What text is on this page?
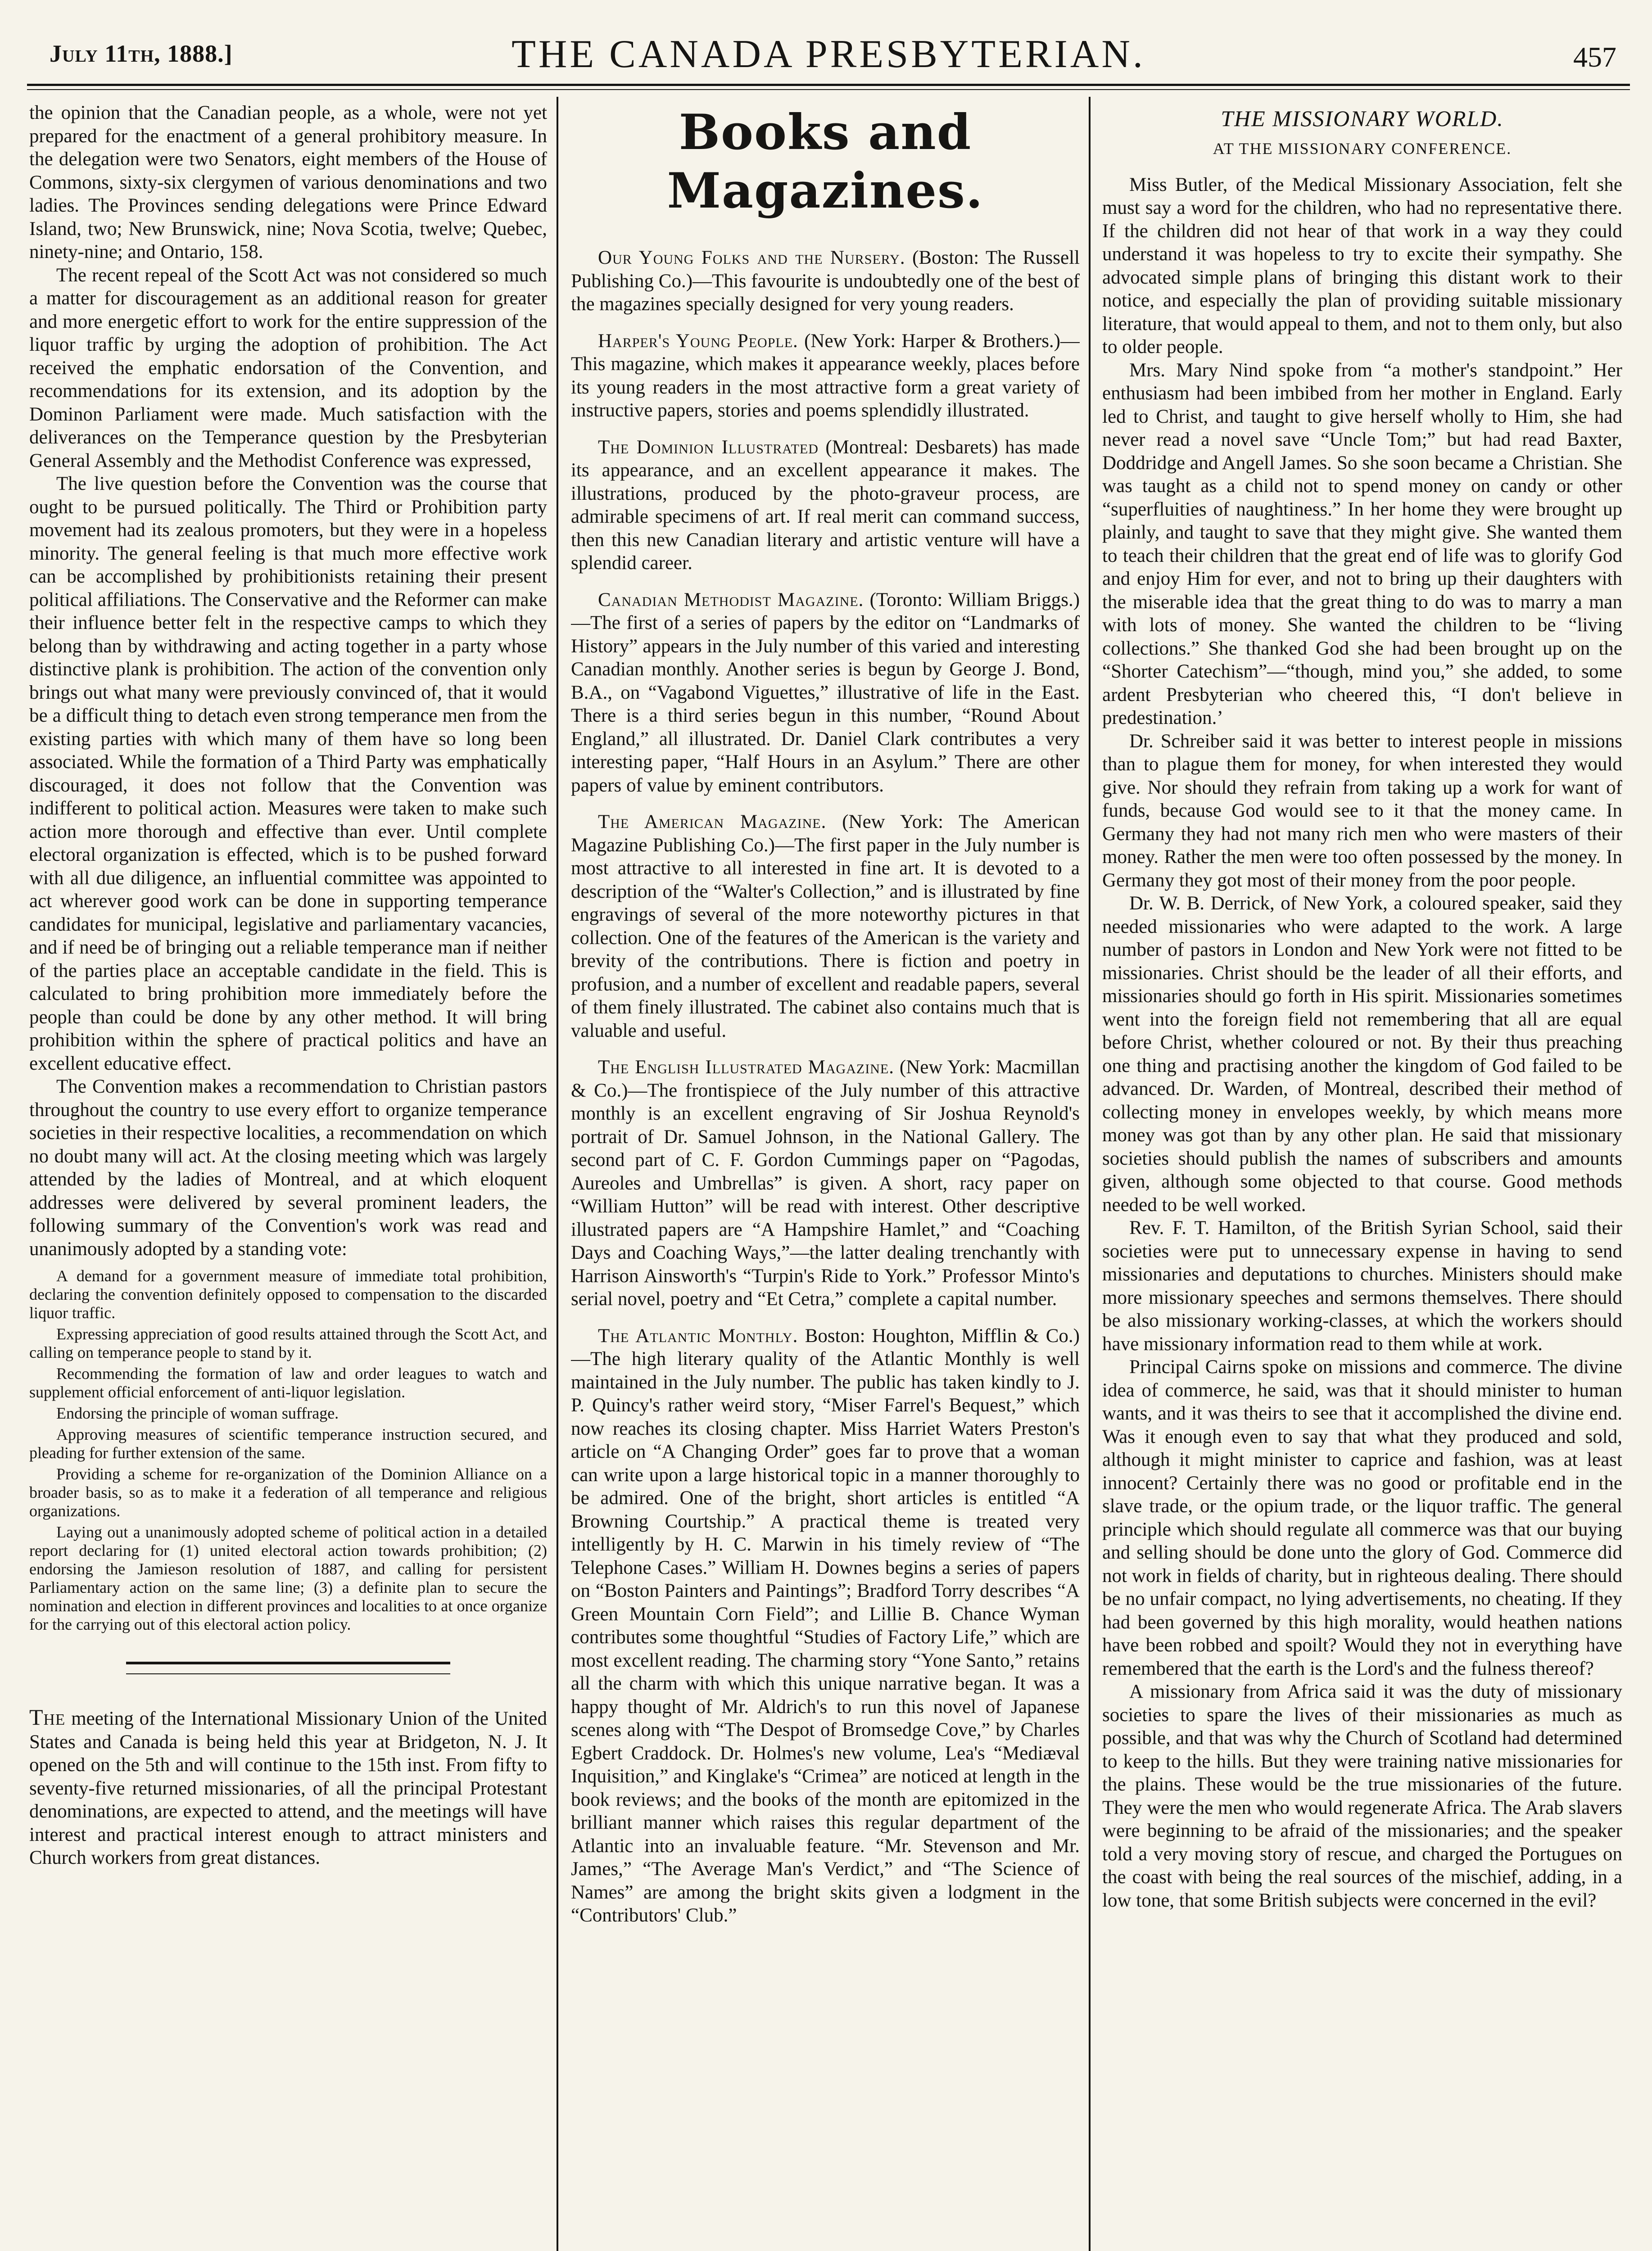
July 11th, 1888.]	THE CANADA PRESBYTERIAN.	457

the opinion that the Canadian people, as a whole, were not yet prepared for the enactment of a general prohibitory measure. In the delegation were two Senators, eight members of the House of Commons, sixty-six clergymen of various denominations and two ladies. The Provinces sending delegations were Prince Edward Island, two; New Brunswick, nine; Nova Scotia, twelve; Quebec, ninety-nine; and Ontario, 158.

The recent repeal of the Scott Act was not considered so much a matter for discouragement as an additional reason for greater and more energetic effort to work for the entire suppression of the liquor traffic by urging the adoption of prohibition. The Act received the emphatic endorsation of the Convention, and recommendations for its extension, and its adoption by the Dominon Parliament were made. Much satisfaction with the deliverances on the Temperance question by the Presbyterian General Assembly and the Methodist Conference was expressed,

The live question before the Convention was the course that ought to be pursued politically. The Third or Prohibition party movement had its zealous promoters, but they were in a hopeless minority. The general feeling is that much more effective work can be accomplished by prohibitionists retaining their present political affiliations. The Conservative and the Reformer can make their influence better felt in the respective camps to which they belong than by withdrawing and acting together in a party whose distinctive plank is prohibition. The action of the convention only brings out what many were previously convinced of, that it would be a difficult thing to detach even strong temperance men from the existing parties with which many of them have so long been associated. While the formation of a Third Party was emphatically discouraged, it does not follow that the Convention was indifferent to political action. Measures were taken to make such action more thorough and effective than ever. Until complete electoral organization is effected, which is to be pushed forward with all due diligence, an influential committee was appointed to act wherever good work can be done in supporting temperance candidates for municipal, legislative and parliamentary vacancies, and if need be of bringing out a reliable temperance man if neither of the parties place an acceptable candidate in the field. This is calculated to bring prohibition more immediately before the people than could be done by any other method. It will bring prohibition within the sphere of practical politics and have an excellent educative effect.

The Convention makes a recommendation to Christian pastors throughout the country to use every effort to organize temperance societies in their respective localities, a recommendation on which no doubt many will act. At the closing meeting which was largely attended by the ladies of Montreal, and at which eloquent addresses were delivered by several prominent leaders, the following summary of the Convention's work was read and unanimously adopted by a standing vote:

A demand for a government measure of immediate total prohibition, declaring the convention definitely opposed to compensation to the discarded liquor traffic.

Expressing appreciation of good results attained through the Scott Act, and calling on temperance people to stand by it.

Recommending the formation of law and order leagues to watch and supplement official enforcement of anti-liquor legislation.

Endorsing the principle of woman suffrage.

Approving measures of scientific temperance instruction secured, and pleading for further extension of the same.

Providing a scheme for re-organization of the Dominion Alliance on a broader basis, so as to make it a federation of all temperance and religious organizations.

Laying out a unanimously adopted scheme of political action in a detailed report declaring for (1) united electoral action towards prohibition; (2) endorsing the Jamieson resolution of 1887, and calling for persistent Parliamentary action on the same line; (3) a definite plan to secure the nomination and election in different provinces and localities to at once organize for the carrying out of this electoral action policy.

The meeting of the International Missionary Union of the United States and Canada is being held this year at Bridgeton, N. J. It opened on the 5th and will continue to the 15th inst. From fifty to seventy-five returned missionaries, of all the principal Protestant denominations, are expected to attend, and the meetings will have interest and practical interest enough to attract ministers and Church workers from great distances.

Books and Magazines.

Our Young Folks and the Nursery. (Boston: The Russell Publishing Co.)—This favourite is undoubtedly one of the best of the magazines specially designed for very young readers.

Harper's Young People. (New York: Harper & Brothers.)—This magazine, which makes it appearance weekly, places before its young readers in the most attractive form a great variety of instructive papers, stories and poems splendidly illustrated.

The Dominion Illustrated (Montreal: Desbarets) has made its appearance, and an excellent appearance it makes. The illustrations, produced by the photo-graveur process, are admirable specimens of art. If real merit can command success, then this new Canadian literary and artistic venture will have a splendid career.

Canadian Methodist Magazine. (Toronto: William Briggs.)—The first of a series of papers by the editor on “Landmarks of History” appears in the July number of this varied and interesting Canadian monthly. Another series is begun by George J. Bond, B.A., on “Vagabond Viguettes,” illustrative of life in the East. There is a third series begun in this number, “Round About England,” all illustrated. Dr. Daniel Clark contributes a very interesting paper, “Half Hours in an Asylum.” There are other papers of value by eminent contributors.

The American Magazine. (New York: The American Magazine Publishing Co.)—The first paper in the July number is most attractive to all interested in fine art. It is devoted to a description of the “Walter's Collection,” and is illustrated by fine engravings of several of the more noteworthy pictures in that collection. One of the features of the American is the variety and brevity of the contributions. There is fiction and poetry in profusion, and a number of excellent and readable papers, several of them finely illustrated. The cabinet also contains much that is valuable and useful.

The English Illustrated Magazine. (New York: Macmillan & Co.)—The frontispiece of the July number of this attractive monthly is an excellent engraving of Sir Joshua Reynold's portrait of Dr. Samuel Johnson, in the National Gallery. The second part of C. F. Gordon Cummings paper on “Pagodas, Aureoles and Umbrellas” is given. A short, racy paper on “William Hutton” will be read with interest. Other descriptive illustrated papers are “A Hampshire Hamlet,” and “Coaching Days and Coaching Ways,”—the latter dealing trenchantly with Harrison Ainsworth's “Turpin's Ride to York.” Professor Minto's serial novel, poetry and “Et Cetra,” complete a capital number.

The Atlantic Monthly. Boston: Houghton, Mifflin & Co.)—The high literary quality of the Atlantic Monthly is well maintained in the July number. The public has taken kindly to J. P. Quincy's rather weird story, “Miser Farrel's Bequest,” which now reaches its closing chapter. Miss Harriet Waters Preston's article on “A Changing Order” goes far to prove that a woman can write upon a large historical topic in a manner thoroughly to be admired. One of the bright, short articles is entitled “A Browning Courtship.” A practical theme is treated very intelligently by H. C. Marwin in his timely review of “The Telephone Cases.” William H. Downes begins a series of papers on “Boston Painters and Paintings”; Bradford Torry describes “A Green Mountain Corn Field”; and Lillie B. Chance Wyman contributes some thoughtful “Studies of Factory Life,” which are most excellent reading. The charming story “Yone Santo,” retains all the charm with which this unique narrative began. It was a happy thought of Mr. Aldrich's to run this novel of Japanese scenes along with “The Despot of Bromsedge Cove,” by Charles Egbert Craddock. Dr. Holmes's new volume, Lea's “Mediæval Inquisition,” and Kinglake's “Crimea” are noticed at length in the book reviews; and the books of the month are epitomized in the brilliant manner which raises this regular department of the Atlantic into an invaluable feature. “Mr. Stevenson and Mr. James,” “The Average Man's Verdict,” and “The Science of Names” are among the bright skits given a lodgment in the “Contributors' Club.”

THE MISSIONARY WORLD.
AT THE MISSIONARY CONFERENCE.

Miss Butler, of the Medical Missionary Association, felt she must say a word for the children, who had no representative there. If the children did not hear of that work in a way they could understand it was hopeless to try to excite their sympathy. She advocated simple plans of bringing this distant work to their notice, and especially the plan of providing suitable missionary literature, that would appeal to them, and not to them only, but also to older people.

Mrs. Mary Nind spoke from “a mother's standpoint.” Her enthusiasm had been imbibed from her mother in England. Early led to Christ, and taught to give herself wholly to Him, she had never read a novel save “Uncle Tom;” but had read Baxter, Doddridge and Angell James. So she soon became a Christian. She was taught as a child not to spend money on candy or other “superfluities of naughtiness.” In her home they were brought up plainly, and taught to save that they might give. She wanted them to teach their children that the great end of life was to glorify God and enjoy Him for ever, and not to bring up their daughters with the miserable idea that the great thing to do was to marry a man with lots of money. She wanted the children to be “living collections.” She thanked God she had been brought up on the “Shorter Catechism”—“though, mind you,” she added, to some ardent Presbyterian who cheered this, “I don't believe in predestination.’

Dr. Schreiber said it was better to interest people in missions than to plague them for money, for when interested they would give. Nor should they refrain from taking up a work for want of funds, because God would see to it that the money came. In Germany they had not many rich men who were masters of their money. Rather the men were too often possessed by the money. In Germany they got most of their money from the poor people.

Dr. W. B. Derrick, of New York, a coloured speaker, said they needed missionaries who were adapted to the work. A large number of pastors in London and New York were not fitted to be missionaries. Christ should be the leader of all their efforts, and missionaries should go forth in His spirit. Missionaries sometimes went into the foreign field not remembering that all are equal before Christ, whether coloured or not. By their thus preaching one thing and practising another the kingdom of God failed to be advanced. Dr. Warden, of Montreal, described their method of collecting money in envelopes weekly, by which means more money was got than by any other plan. He said that missionary societies should publish the names of subscribers and amounts given, although some objected to that course. Good methods needed to be well worked.

Rev. F. T. Hamilton, of the British Syrian School, said their societies were put to unnecessary expense in having to send missionaries and deputations to churches. Ministers should make more missionary speeches and sermons themselves. There should be also missionary working-classes, at which the workers should have missionary information read to them while at work.

Principal Cairns spoke on missions and commerce. The divine idea of commerce, he said, was that it should minister to human wants, and it was theirs to see that it accomplished the divine end. Was it enough even to say that what they produced and sold, although it might minister to caprice and fashion, was at least innocent? Certainly there was no good or profitable end in the slave trade, or the opium trade, or the liquor traffic. The general principle which should regulate all commerce was that our buying and selling should be done unto the glory of God. Commerce did not work in fields of charity, but in righteous dealing. There should be no unfair compact, no lying advertisements, no cheating. If they had been governed by this high morality, would heathen nations have been robbed and spoilt? Would they not in everything have remembered that the earth is the Lord's and the fulness thereof?

A missionary from Africa said it was the duty of missionary societies to spare the lives of their missionaries as much as possible, and that was why the Church of Scotland had determined to keep to the hills. But they were training native missionaries for the plains. These would be the true missionaries of the future. They were the men who would regenerate Africa. The Arab slavers were beginning to be afraid of the missionaries; and the speaker told a very moving story of rescue, and charged the Portugues on the coast with being the real sources of the mischief, adding, in a low tone, that some British subjects were concerned in the evil?
